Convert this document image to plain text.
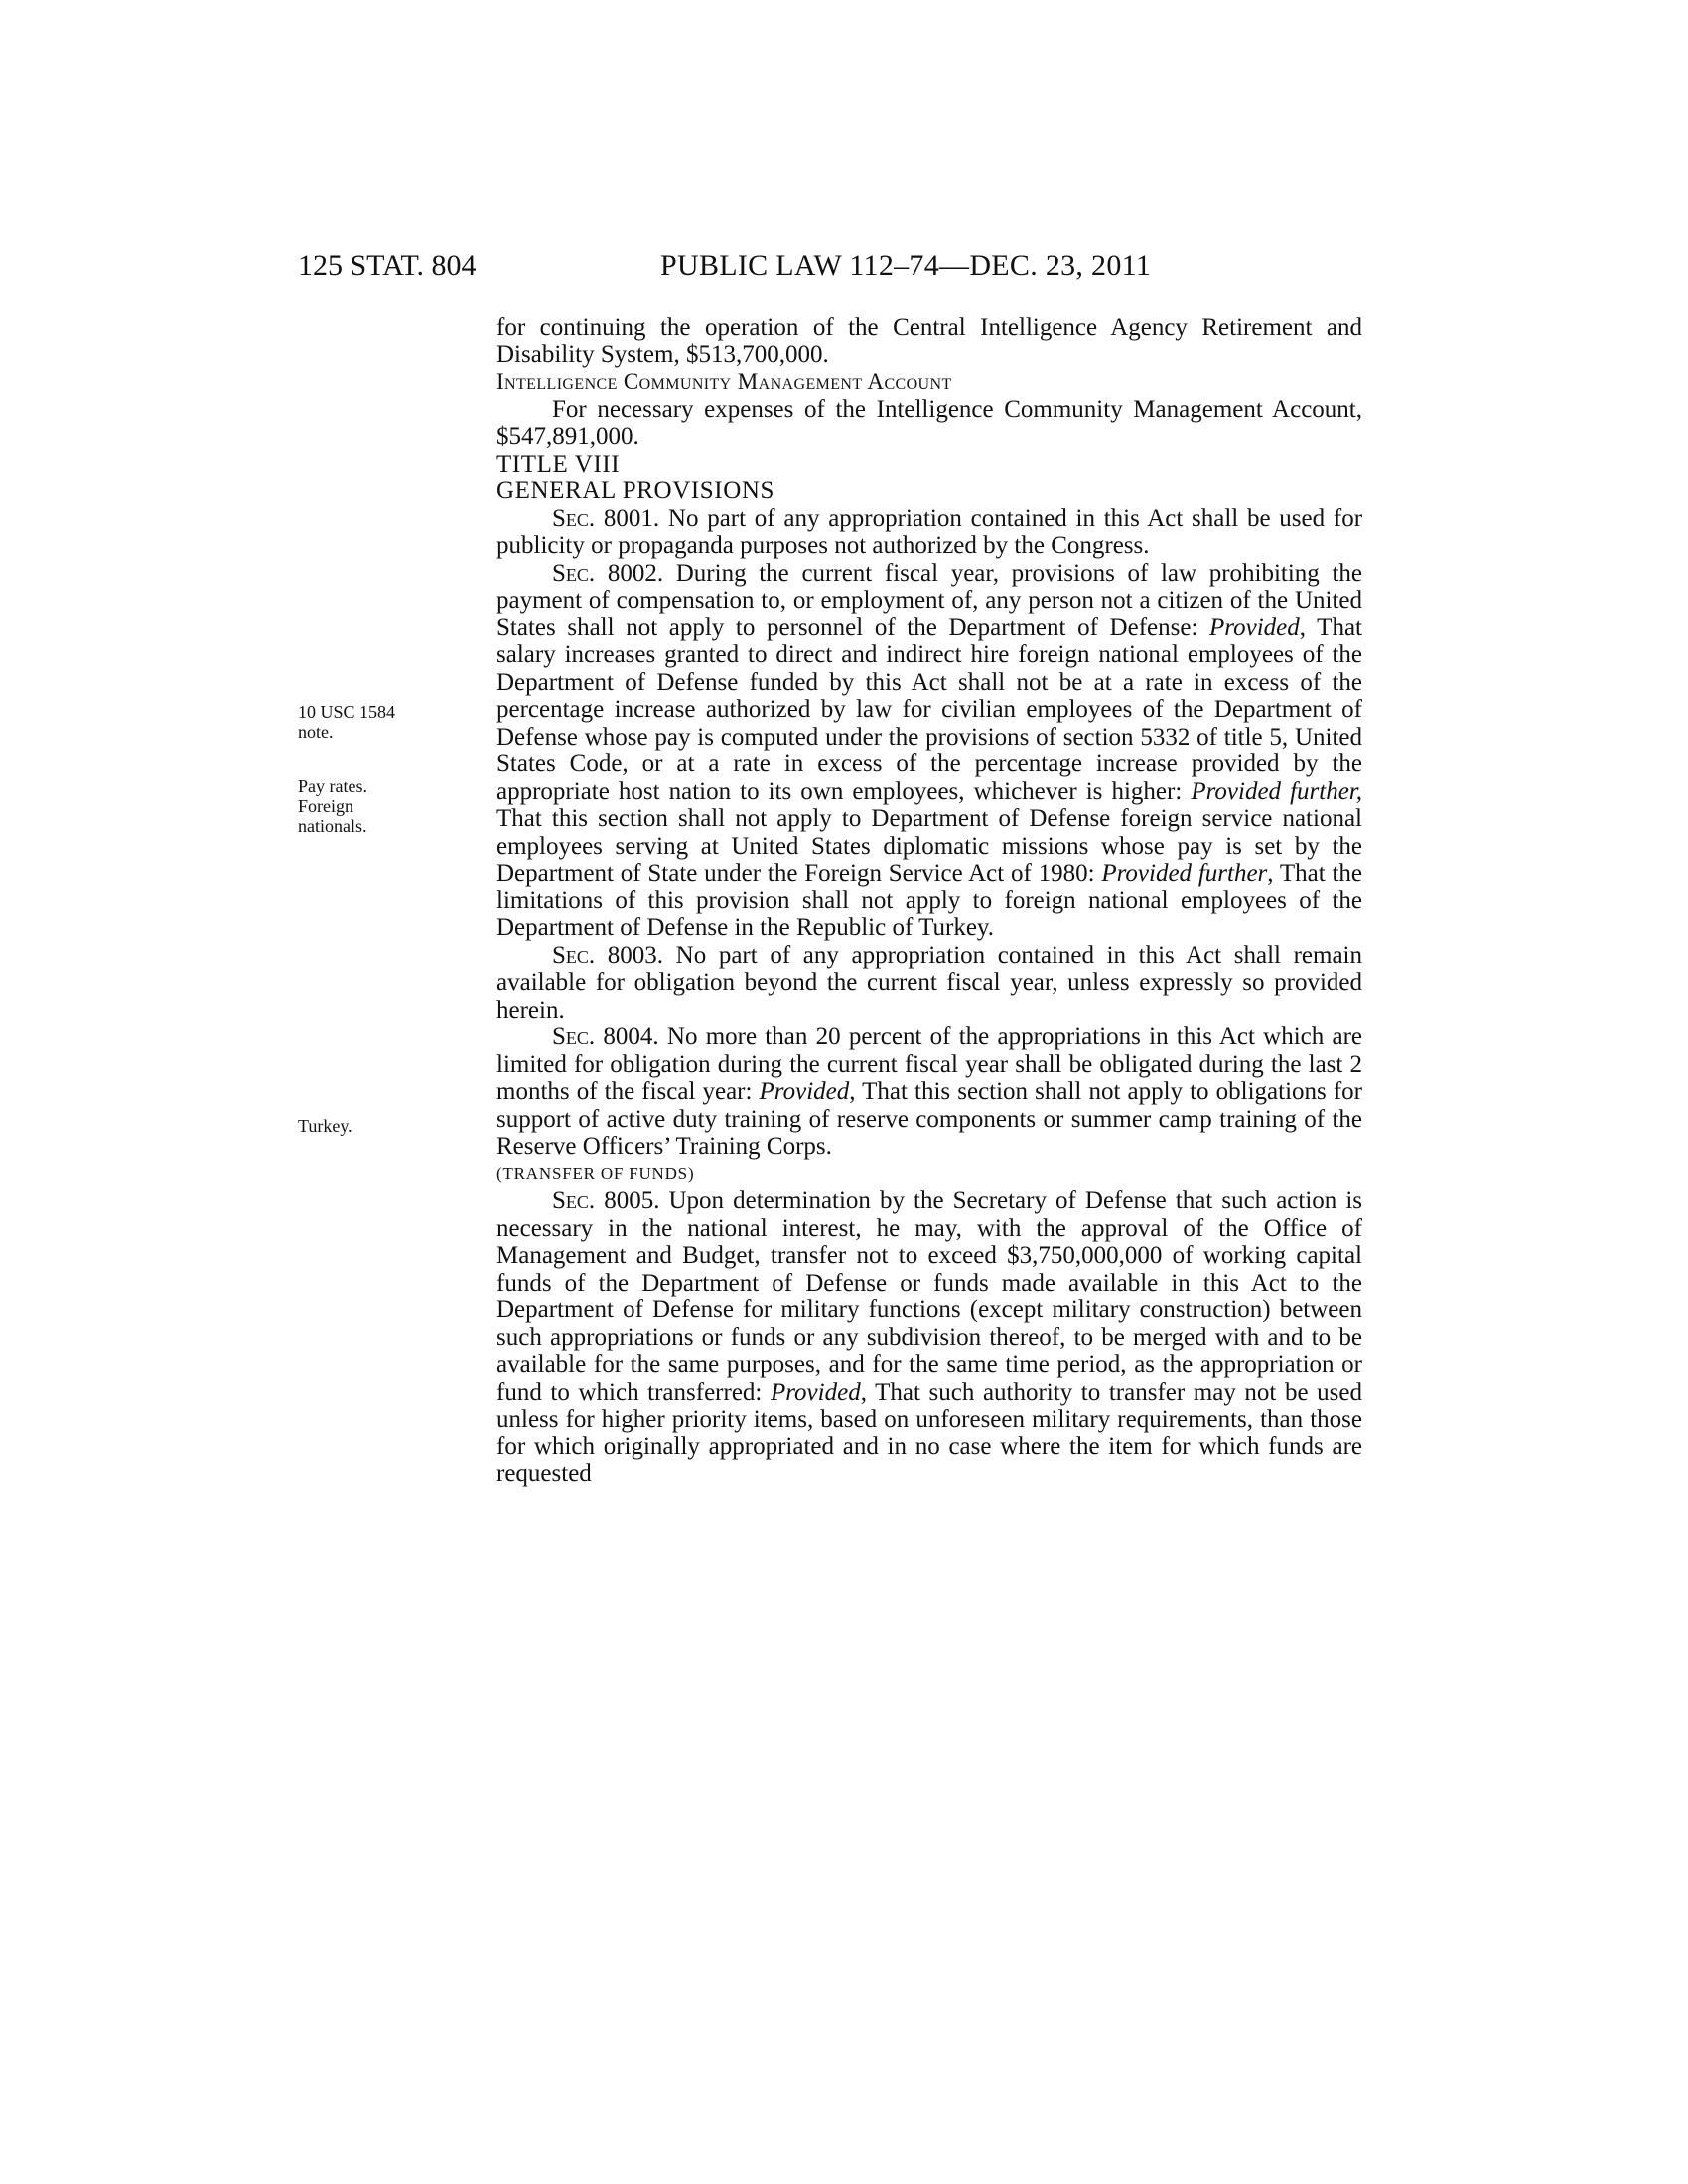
125 STAT. 804	PUBLIC LAW 112–74—DEC. 23, 2011
10 USC 1584
note.
Pay rates.
Foreign
nationals.
Turkey.

for continuing the operation of the Central Intelligence Agency Retirement and Disability System, $513,700,000.

Intelligence Community Management Account

For necessary expenses of the Intelligence Community Management Account, $547,891,000.

TITLE VIII

GENERAL PROVISIONS

Sec. 8001. No part of any appropriation contained in this Act shall be used for publicity or propaganda purposes not authorized by the Congress.

Sec. 8002. During the current fiscal year, provisions of law prohibiting the payment of compensation to, or employment of, any person not a citizen of the United States shall not apply to personnel of the Department of Defense: Provided, That salary increases granted to direct and indirect hire foreign national employees of the Department of Defense funded by this Act shall not be at a rate in excess of the percentage increase authorized by law for civilian employees of the Department of Defense whose pay is computed under the provisions of section 5332 of title 5, United States Code, or at a rate in excess of the percentage increase provided by the appropriate host nation to its own employees, whichever is higher: Provided further, That this section shall not apply to Department of Defense foreign service national employees serving at United States diplomatic missions whose pay is set by the Department of State under the Foreign Service Act of 1980: Provided further, That the limitations of this provision shall not apply to foreign national employees of the Department of Defense in the Republic of Turkey.

Sec. 8003. No part of any appropriation contained in this Act shall remain available for obligation beyond the current fiscal year, unless expressly so provided herein.

Sec. 8004. No more than 20 percent of the appropriations in this Act which are limited for obligation during the current fiscal year shall be obligated during the last 2 months of the fiscal year: Provided, That this section shall not apply to obligations for support of active duty training of reserve components or summer camp training of the Reserve Officers’ Training Corps.

(TRANSFER OF FUNDS)

Sec. 8005. Upon determination by the Secretary of Defense that such action is necessary in the national interest, he may, with the approval of the Office of Management and Budget, transfer not to exceed $3,750,000,000 of working capital funds of the Department of Defense or funds made available in this Act to the Department of Defense for military functions (except military construction) between such appropriations or funds or any subdivision thereof, to be merged with and to be available for the same purposes, and for the same time period, as the appropriation or fund to which transferred: Provided, That such authority to transfer may not be used unless for higher priority items, based on unforeseen military requirements, than those for which originally appropriated and in no case where the item for which funds are requested
